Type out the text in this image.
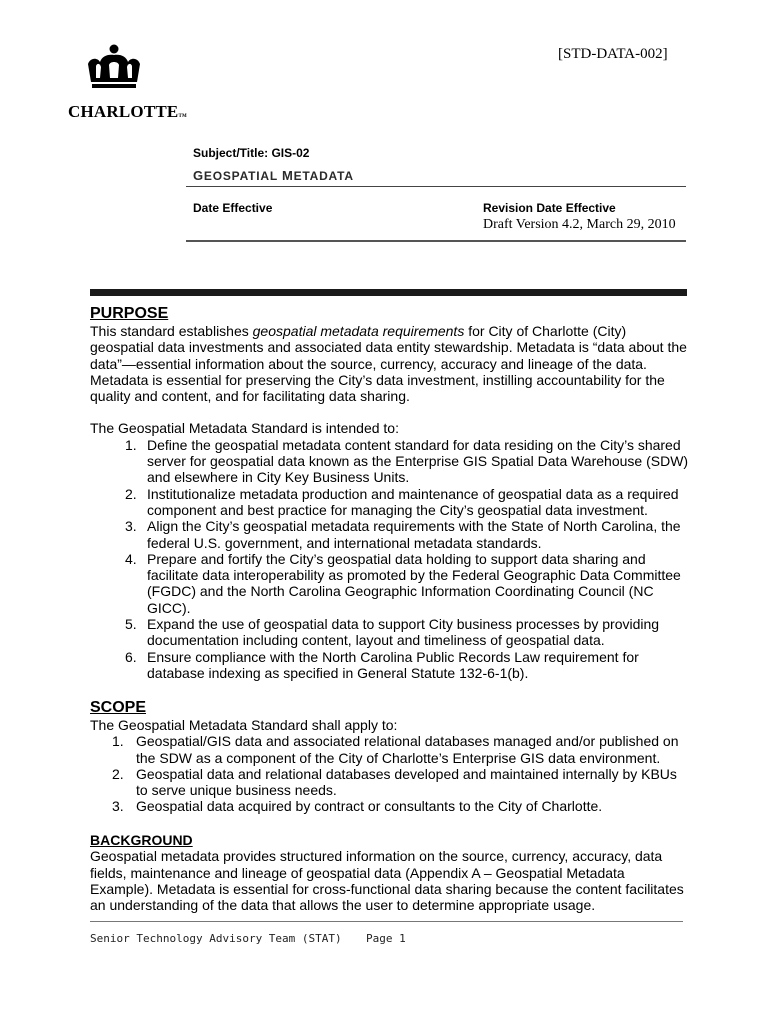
CHARLOTTETM
[STD-DATA-002]
Subject/Title: GIS-02
GEOSPATIAL METADATA
Date Effective	Revision Date Effective
Draft Version 4.2, March 29, 2010
PURPOSE

This standard establishes geospatial metadata requirements for City of Charlotte (City) geospatial data investments and associated data entity stewardship. Metadata is “data about the data”—essential information about the source, currency, accuracy and lineage of the data. Metadata is essential for preserving the City’s data investment, instilling accountability for the quality and content, and for facilitating data sharing.

The Geospatial Metadata Standard is intended to:

1. Define the geospatial metadata content standard for data residing on the City’s shared server for geospatial data known as the Enterprise GIS Spatial Data Warehouse (SDW) and elsewhere in City Key Business Units.
2. Institutionalize metadata production and maintenance of geospatial data as a required component and best practice for managing the City’s geospatial data investment.
3. Align the City’s geospatial metadata requirements with the State of North Carolina, the federal U.S. government, and international metadata standards.
4. Prepare and fortify the City’s geospatial data holding to support data sharing and facilitate data interoperability as promoted by the Federal Geographic Data Committee (FGDC) and the North Carolina Geographic Information Coordinating Council (NC GICC).
5. Expand the use of geospatial data to support City business processes by providing documentation including content, layout and timeliness of geospatial data.
6. Ensure compliance with the North Carolina Public Records Law requirement for database indexing as specified in General Statute 132-6-1(b).
SCOPE

The Geospatial Metadata Standard shall apply to:

1. Geospatial/GIS data and associated relational databases managed and/or published on the SDW as a component of the City of Charlotte’s Enterprise GIS data environment.
2. Geospatial data and relational databases developed and maintained internally by KBUs to serve unique business needs.
3. Geospatial data acquired by contract or consultants to the City of Charlotte.
BACKGROUND

Geospatial metadata provides structured information on the source, currency, accuracy, data fields, maintenance and lineage of geospatial data (Appendix A – Geospatial Metadata Example). Metadata is essential for cross-functional data sharing because the content facilitates an understanding of the data that allows the user to determine appropriate usage.

Senior Technology Advisory Team (STAT) Page 1
